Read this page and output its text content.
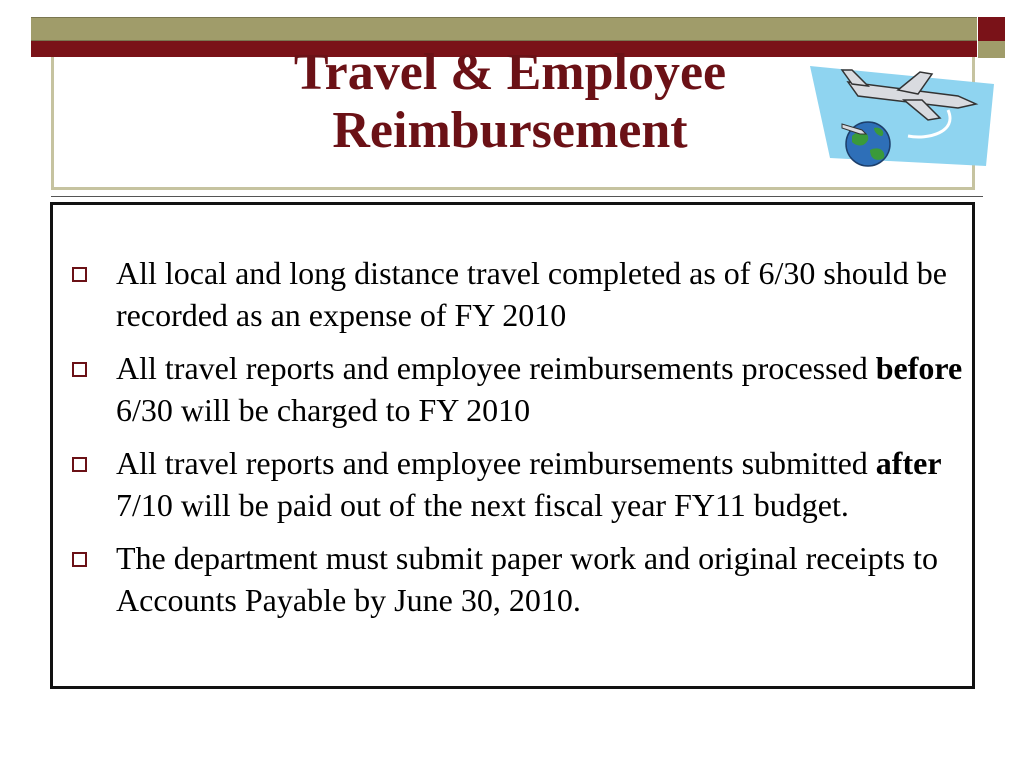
Travel & Employee
Reimbursement
All local and long distance travel completed as of 6/30 should be recorded as an expense of FY 2010
All travel reports and employee reimbursements processed before 6/30 will be charged to FY 2010
All travel reports and employee reimbursements submitted after 7/10 will be paid out of the next fiscal year FY11 budget.
The department must submit paper work and original receipts to Accounts Payable by June 30, 2010.
